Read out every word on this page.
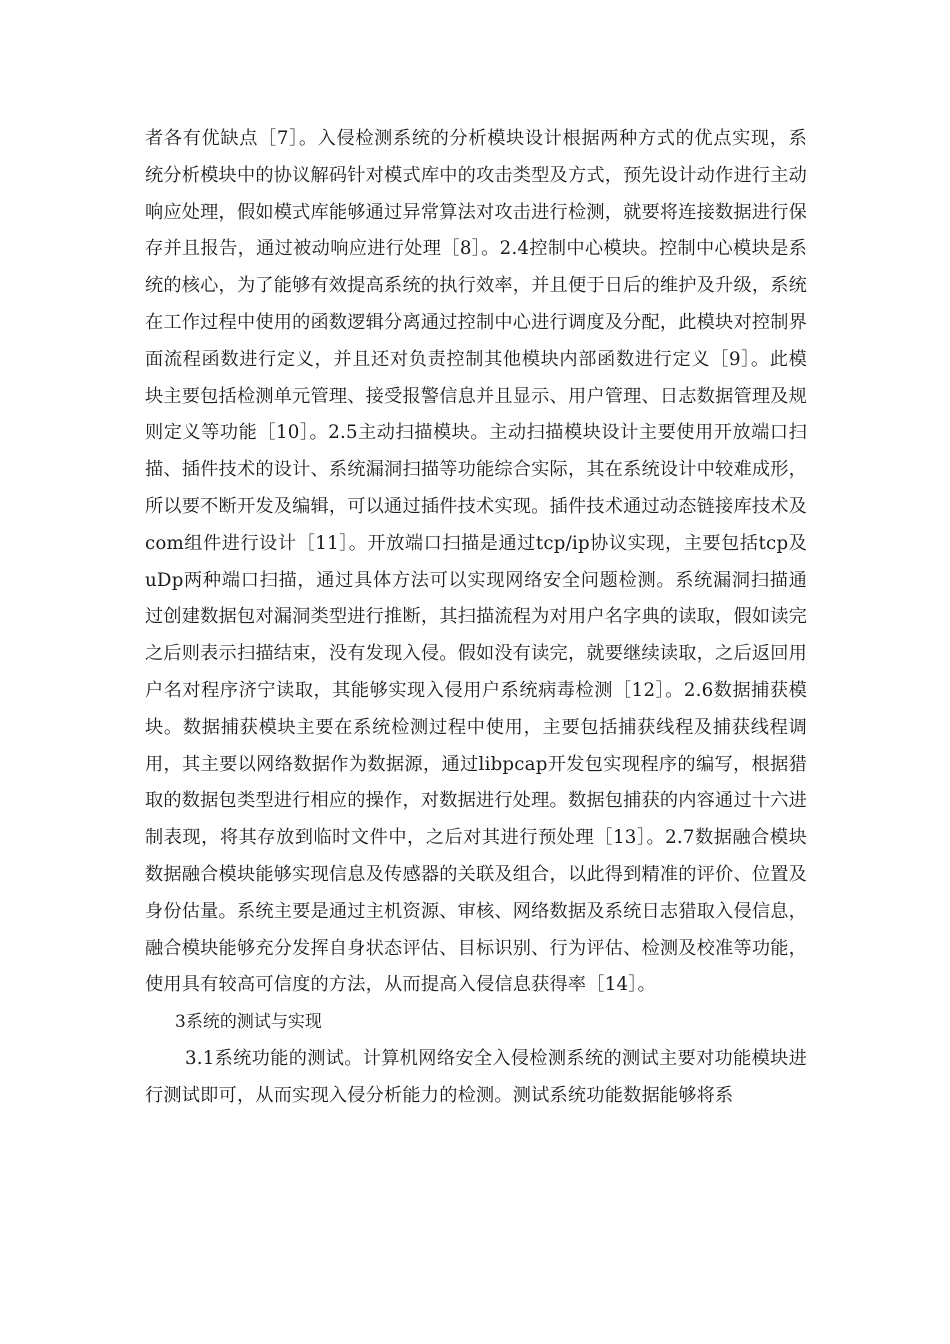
者各有优缺点［7］。入侵检测系统的分析模块设计根据两种方式的优点实现，系统分析模块中的协议解码针对模式库中的攻击类型及方式，预先设计动作进行主动响应处理，假如模式库能够通过异常算法对攻击进行检测，就要将连接数据进行保存并且报告，通过被动响应进行处理［8］。2.4控制中心模块。控制中心模块是系统的核心，为了能够有效提高系统的执行效率，并且便于日后的维护及升级，系统在工作过程中使用的函数逻辑分离通过控制中心进行调度及分配，此模块对控制界面流程函数进行定义，并且还对负责控制其他模块内部函数进行定义［9］。此模块主要包括检测单元管理、接受报警信息并且显示、用户管理、日志数据管理及规则定义等功能［10］。2.5主动扫描模块。主动扫描模块设计主要使用开放端口扫描、插件技术的设计、系统漏洞扫描等功能综合实际，其在系统设计中较难成形，所以要不断开发及编辑，可以通过插件技术实现。插件技术通过动态链接库技术及com组件进行设计［11］。开放端口扫描是通过tcp/ip协议实现，主要包括tcp及uDp两种端口扫描，通过具体方法可以实现网络安全问题检测。系统漏洞扫描通过创建数据包对漏洞类型进行推断，其扫描流程为对用户名字典的读取，假如读完之后则表示扫描结束，没有发现入侵。假如没有读完，就要继续读取，之后返回用户名对程序济宁读取，其能够实现入侵用户系统病毒检测［12］。2.6数据捕获模块。数据捕获模块主要在系统检测过程中使用，主要包括捕获线程及捕获线程调用，其主要以网络数据作为数据源，通过libpcap开发包实现程序的编写，根据猎取的数据包类型进行相应的操作，对数据进行处理。数据包捕获的内容通过十六进制表现，将其存放到临时文件中，之后对其进行预处理［13］。2.7数据融合模块数据融合模块能够实现信息及传感器的关联及组合，以此得到精准的评价、位置及身份估量。系统主要是通过主机资源、审核、网络数据及系统日志猎取入侵信息，融合模块能够充分发挥自身状态评估、目标识别、行为评估、检测及校准等功能，使用具有较高可信度的方法，从而提高入侵信息获得率［14］。

3系统的测试与实现

3.1系统功能的测试。计算机网络安全入侵检测系统的测试主要对功能模块进行测试即可，从而实现入侵分析能力的检测。测试系统功能数据能够将系
